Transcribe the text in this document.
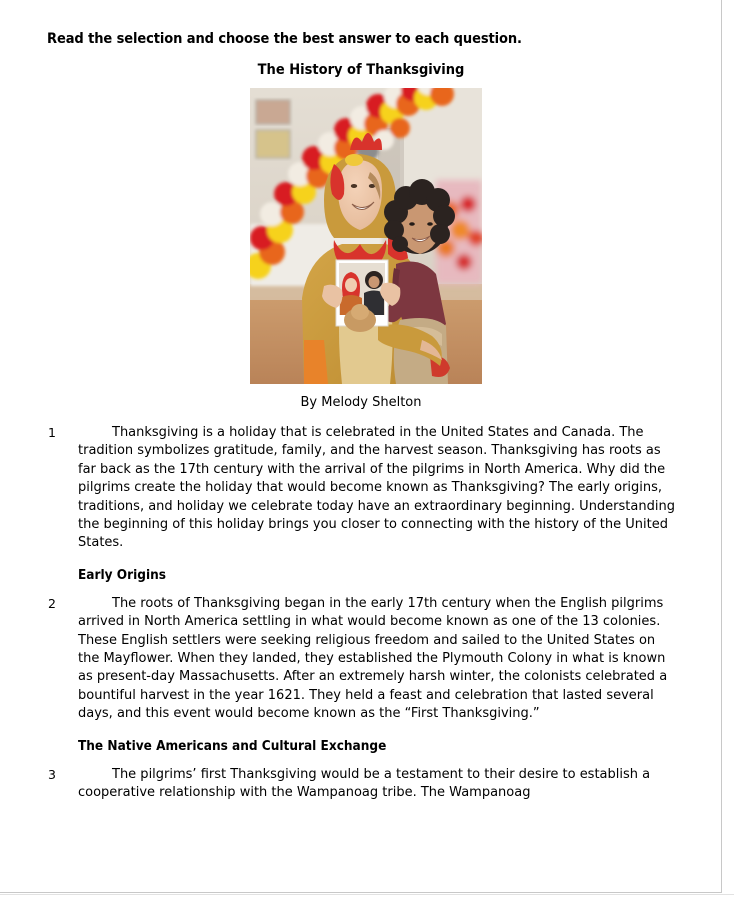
Read the selection and choose the best answer to each question.
The History of Thanksgiving
By Melody Shelton
1	Thanksgiving is a holiday that is celebrated in the United States and Canada. The tradition symbolizes gratitude, family, and the harvest season. Thanksgiving has roots as far back as the 17th century with the arrival of the pilgrims in North America. Why did the pilgrims create the holiday that would become known as Thanksgiving? The early origins, traditions, and holiday we celebrate today have an extraordinary beginning. Understanding the beginning of this holiday brings you closer to connecting with the history of the United States.
Early Origins
2	The roots of Thanksgiving began in the early 17th century when the English pilgrims arrived in North America settling in what would become known as one of the 13 colonies. These English settlers were seeking religious freedom and sailed to the United States on the Mayflower. When they landed, they established the Plymouth Colony in what is known as present-day Massachusetts. After an extremely harsh winter, the colonists celebrated a bountiful harvest in the year 1621. They held a feast and celebration that lasted several days, and this event would become known as the “First Thanksgiving.”
The Native Americans and Cultural Exchange
3	The pilgrims’ first Thanksgiving would be a testament to their desire to establish a cooperative relationship with the Wampanoag tribe. The Wampanoag
